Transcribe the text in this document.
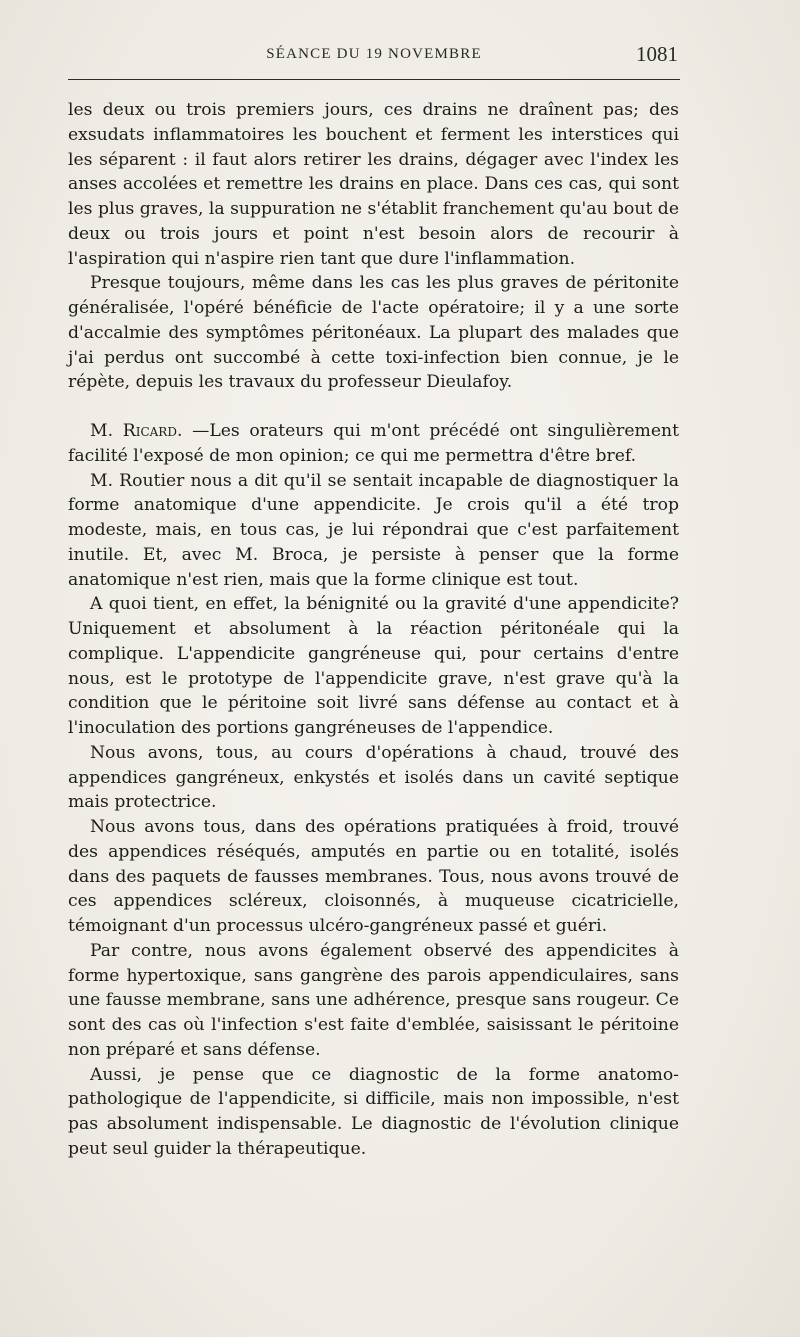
SÉANCE DU 19 NOVEMBRE	1081

les deux ou trois premiers jours, ces drains ne draînent pas; des exsudats inflammatoires les bouchent et ferment les interstices qui les séparent : il faut alors retirer les drains, dégager avec l'index les anses accolées et remettre les drains en place. Dans ces cas, qui sont les plus graves, la suppuration ne s'établit franchement qu'au bout de deux ou trois jours et point n'est besoin alors de recourir à l'aspiration qui n'aspire rien tant que dure l'inflammation.

Presque toujours, même dans les cas les plus graves de péritonite généralisée, l'opéré bénéficie de l'acte opératoire; il y a une sorte d'accalmie des symptômes péritonéaux. La plupart des malades que j'ai perdus ont succombé à cette toxi-infection bien connue, je le répète, depuis les travaux du professeur Dieulafoy.

M. Ricard. —Les orateurs qui m'ont précédé ont singulièrement facilité l'exposé de mon opinion; ce qui me permettra d'être bref.

M. Routier nous a dit qu'il se sentait incapable de diagnostiquer la forme anatomique d'une appendicite. Je crois qu'il a été trop modeste, mais, en tous cas, je lui répondrai que c'est parfaitement inutile. Et, avec M. Broca, je persiste à penser que la forme anatomique n'est rien, mais que la forme clinique est tout.

A quoi tient, en effet, la bénignité ou la gravité d'une appendicite? Uniquement et absolument à la réaction péritonéale qui la complique. L'appendicite gangréneuse qui, pour certains d'entre nous, est le prototype de l'appendicite grave, n'est grave qu'à la condition que le péritoine soit livré sans défense au contact et à l'inoculation des portions gangréneuses de l'appendice.

Nous avons, tous, au cours d'opérations à chaud, trouvé des appendices gangréneux, enkystés et isolés dans un cavité septique mais protectrice.

Nous avons tous, dans des opérations pratiquées à froid, trouvé des appendices réséqués, amputés en partie ou en totalité, isolés dans des paquets de fausses membranes. Tous, nous avons trouvé de ces appendices scléreux, cloisonnés, à muqueuse cicatricielle, témoignant d'un processus ulcéro-gangréneux passé et guéri.

Par contre, nous avons également observé des appendicites à forme hypertoxique, sans gangrène des parois appendiculaires, sans une fausse membrane, sans une adhérence, presque sans rougeur. Ce sont des cas où l'infection s'est faite d'emblée, saisissant le péritoine non préparé et sans défense.

Aussi, je pense que ce diagnostic de la forme anatomo-pathologique de l'appendicite, si difficile, mais non impossible, n'est pas absolument indispensable. Le diagnostic de l'évolution clinique peut seul guider la thérapeutique.
